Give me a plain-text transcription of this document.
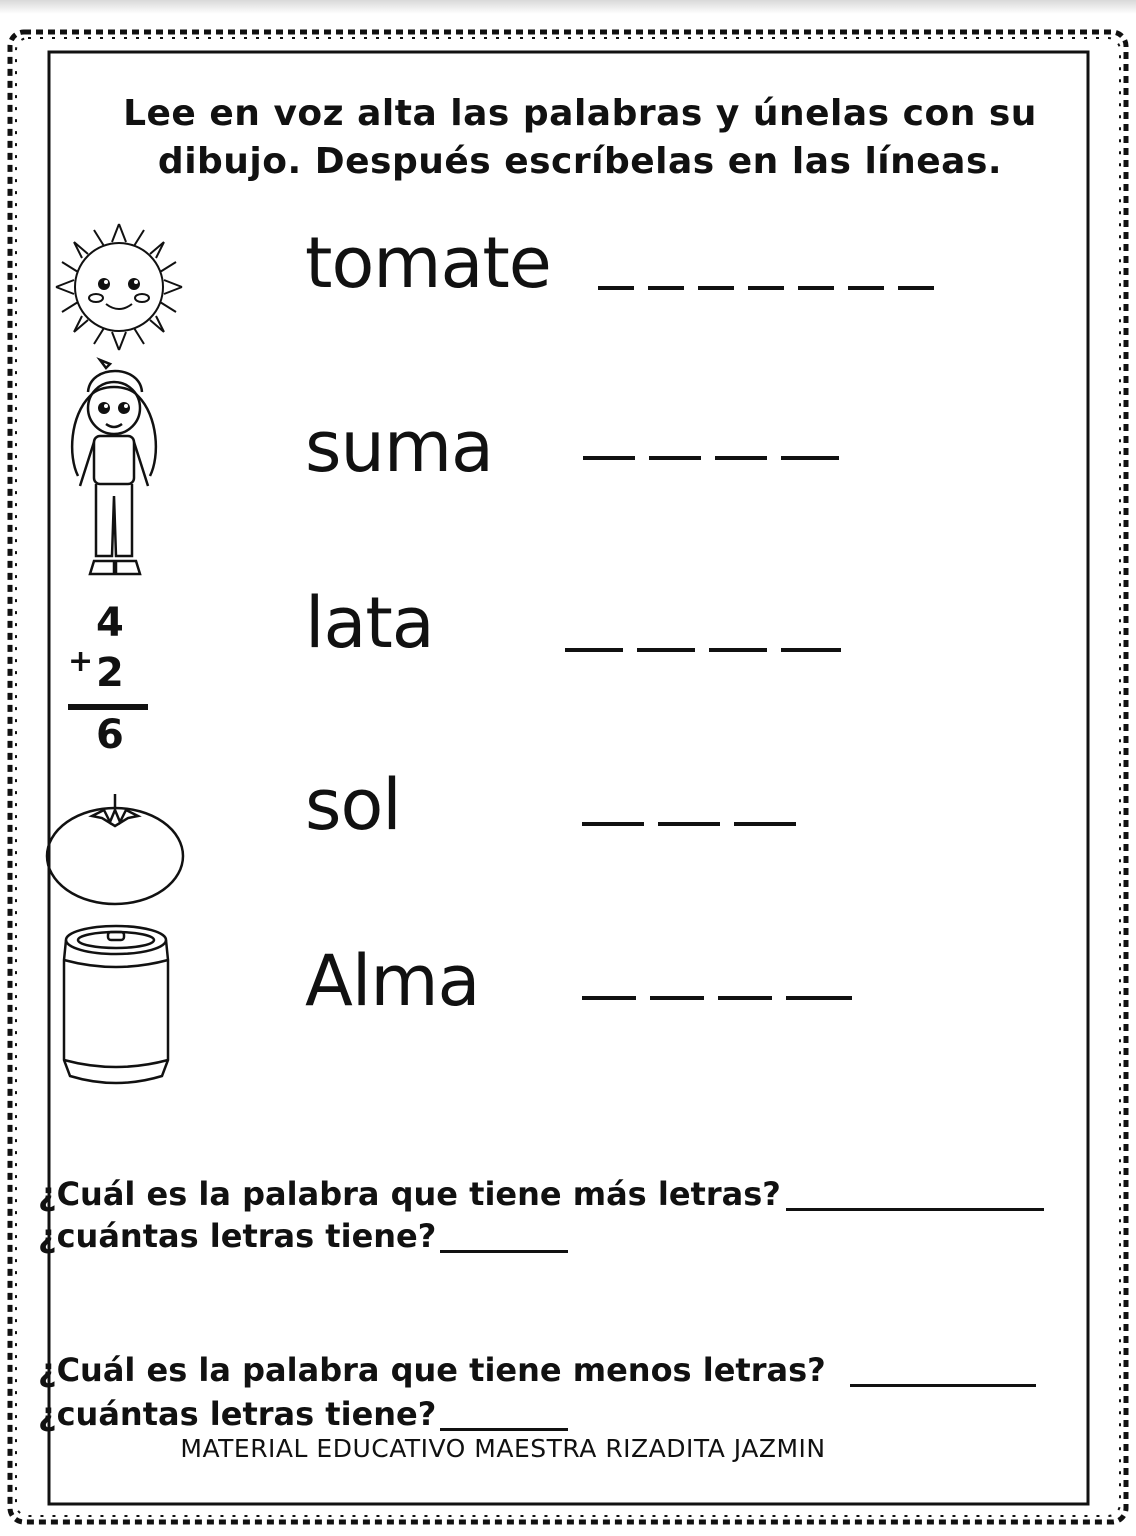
Lee en voz alta las palabras y únelas con su
dibujo. Después escríbelas en las líneas.
4
+ 2
6
tomate
suma
lata
sol
Alma
¿Cuál es la palabra que tiene más letras?
¿cuántas letras tiene?
¿Cuál es la palabra que tiene menos letras?
¿cuántas letras tiene?
MATERIAL EDUCATIVO MAESTRA RIZADITA JAZMIN
